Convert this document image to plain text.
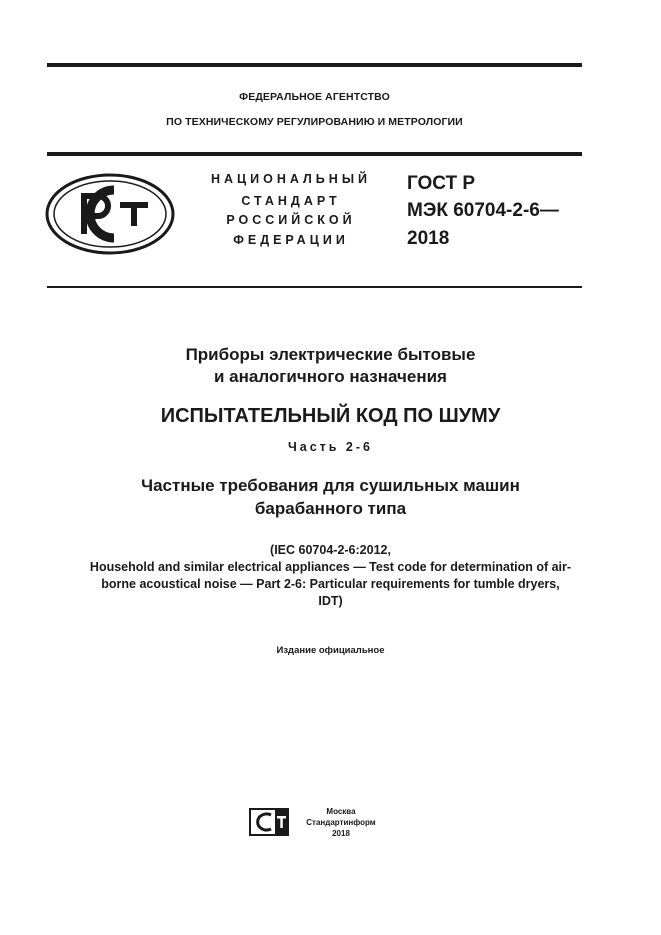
ФЕДЕРАЛЬНОЕ АГЕНТСТВО
ПО ТЕХНИЧЕСКОМУ РЕГУЛИРОВАНИЮ И МЕТРОЛОГИИ
НАЦИОНАЛЬНЫЙ
СТАНДАРТ
РОССИЙСКОЙ
ФЕДЕРАЦИИ
ГОСТ Р
МЭК 60704-2-6—
2018
Приборы электрические бытовые
и аналогичного назначения
ИСПЫТАТЕЛЬНЫЙ КОД ПО ШУМУ
Часть 2-6
Частные требования для сушильных машин
барабанного типа
(IEC 60704-2-6:2012,
Household and similar electrical appliances — Test code for determination of air-
borne acoustical noise — Part 2-6: Particular requirements for tumble dryers,
IDT)
Издание официальное
Москва
Стандартинформ
2018
